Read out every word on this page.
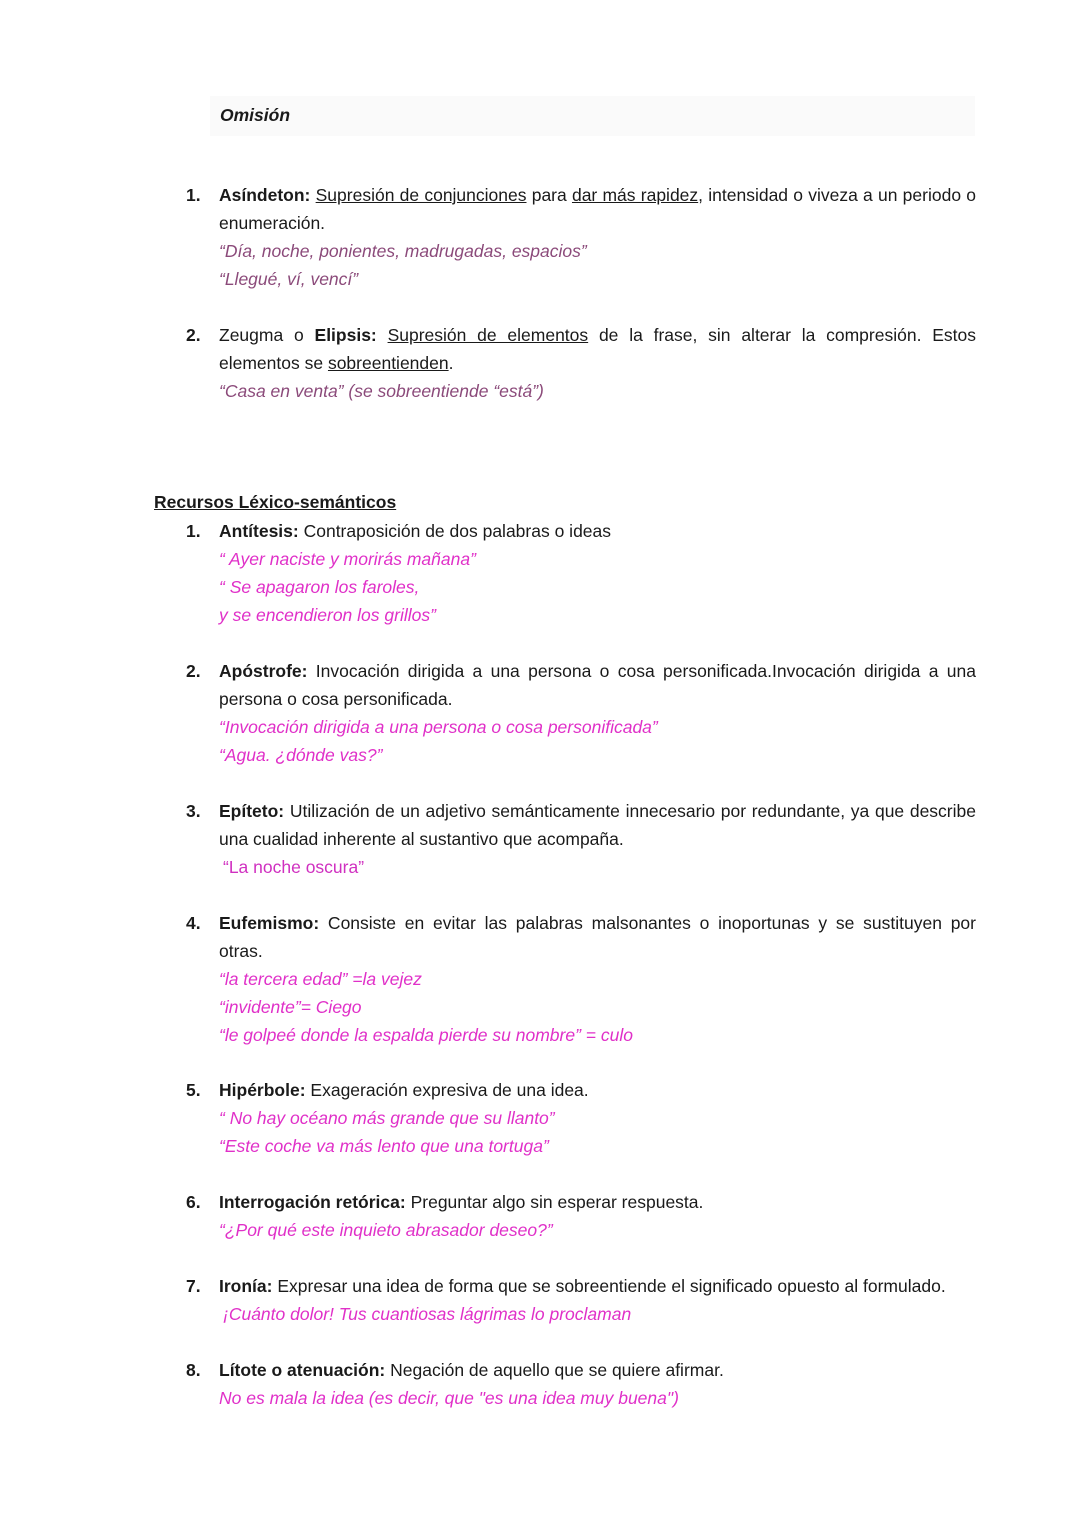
Omisión
1. Asíndeton: Supresión de conjunciones para dar más rapidez, intensidad o viveza a un periodo o enumeración.
“Día, noche, ponientes, madrugadas, espacios”
“Llegué, ví, vencí”
2. Zeugma o Elipsis: Supresión de elementos de la frase, sin alterar la compresión. Estos elementos se sobreentienden.
“Casa en venta” (se sobreentiende “está”)
Recursos Léxico-semánticos
1. Antítesis: Contraposición de dos palabras o ideas
“ Ayer naciste y morirás mañana”
“ Se apagaron los faroles,
y se encendieron los grillos”
2. Apóstrofe: Invocación dirigida a una persona o cosa personificada.Invocación dirigida a una persona o cosa personificada.
“Invocación dirigida a una persona o cosa personificada”
“Agua. ¿dónde vas?”
3. Epíteto: Utilización de un adjetivo semánticamente innecesario por redundante, ya que describe una cualidad inherente al sustantivo que acompaña.
“La noche oscura”
4. Eufemismo: Consiste en evitar las palabras malsonantes o inoportunas y se sustituyen por otras.
“la tercera edad” =la vejez
“invidente”= Ciego
“le golpeé donde la espalda pierde su nombre” = culo
5. Hipérbole: Exageración expresiva de una idea.
“ No hay océano más grande que su llanto”
“Este coche va más lento que una tortuga”
6. Interrogación retórica: Preguntar algo sin esperar respuesta.
“¿Por qué este inquieto abrasador deseo?”
7. Ironía: Expresar una idea de forma que se sobreentiende el significado opuesto al formulado.
¡Cuánto dolor! Tus cuantiosas lágrimas lo proclaman
8. Lítote o atenuación: Negación de aquello que se quiere afirmar.
No es mala la idea (es decir, que "es una idea muy buena")
